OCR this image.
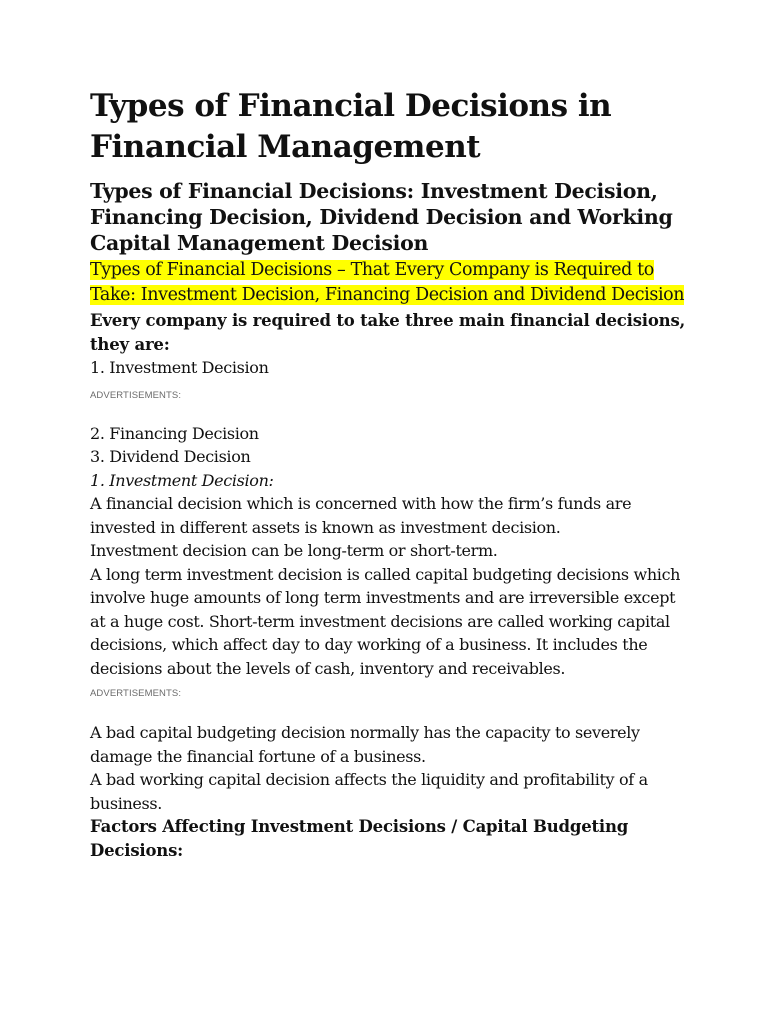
Types of Financial Decisions in Financial Management
Types of Financial Decisions: Investment Decision, Financing Decision, Dividend Decision and Working Capital Management Decision
Types of Financial Decisions – That Every Company is Required to Take: Investment Decision, Financing Decision and Dividend Decision

Every company is required to take three main financial decisions, they are:

1. Investment Decision

ADVERTISEMENTS:

2. Financing Decision

3. Dividend Decision

1. Investment Decision:

A financial decision which is concerned with how the firm’s funds are invested in different assets is known as investment decision.

Investment decision can be long-term or short-term.

A long term investment decision is called capital budgeting decisions which involve huge amounts of long term investments and are irreversible except at a huge cost. Short-term investment decisions are called working capital decisions, which affect day to day working of a business. It includes the decisions about the levels of cash, inventory and receivables.

ADVERTISEMENTS:

A bad capital budgeting decision normally has the capacity to severely damage the financial fortune of a business.

A bad working capital decision affects the liquidity and profitability of a business.

Factors Affecting Investment Decisions / Capital Budgeting Decisions:
